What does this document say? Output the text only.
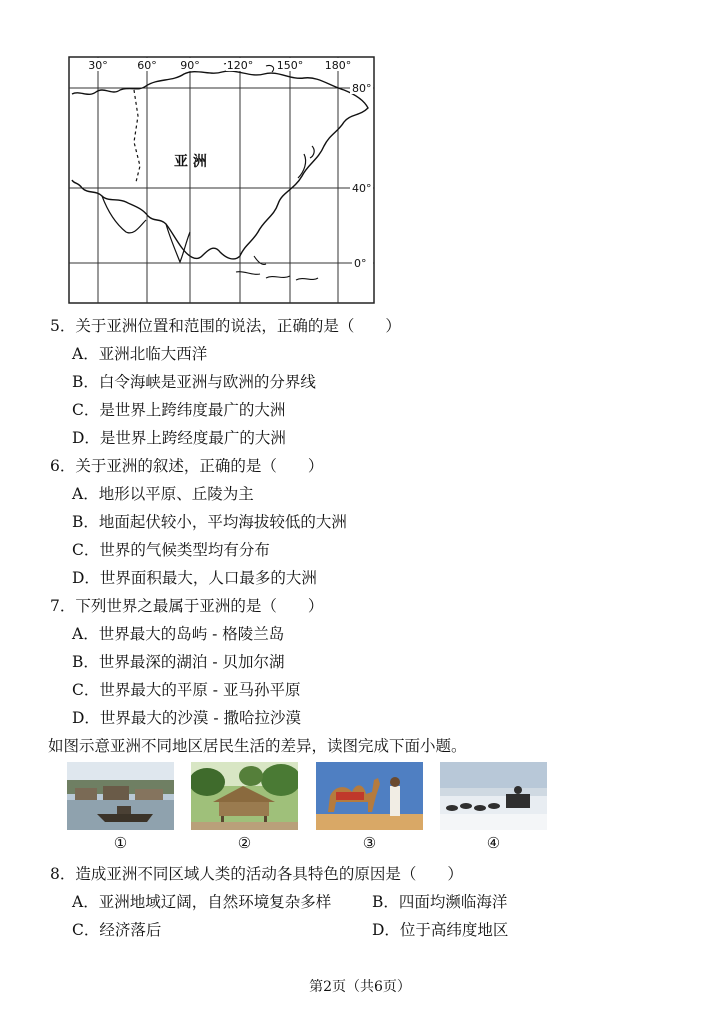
30°	60° 90° 120° 150° 180°
80°
40°
0°
亚 洲
5．关于亚洲位置和范围的说法，正确的是（　　）
A．亚洲北临大西洋
B．白令海峡是亚洲与欧洲的分界线
C．是世界上跨纬度最广的大洲
D．是世界上跨经度最广的大洲
6．关于亚洲的叙述，正确的是（　　）
A．地形以平原、丘陵为主
B．地面起伏较小，平均海拔较低的大洲
C．世界的气候类型均有分布
D．世界面积最大，人口最多的大洲
7．下列世界之最属于亚洲的是（　　）
A．世界最大的岛屿 - 格陵兰岛
B．世界最深的湖泊 - 贝加尔湖
C．世界最大的平原 - 亚马孙平原
D．世界最大的沙漠 - 撒哈拉沙漠
如图示意亚洲不同地区居民生活的差异，读图完成下面小题。
①	②	③	④
8．造成亚洲不同区域人类的活动各具特色的原因是（　　）
A．亚洲地域辽阔，自然环境复杂多样	B．四面均濒临海洋
C．经济落后	D．位于高纬度地区
第2页（共6页）
